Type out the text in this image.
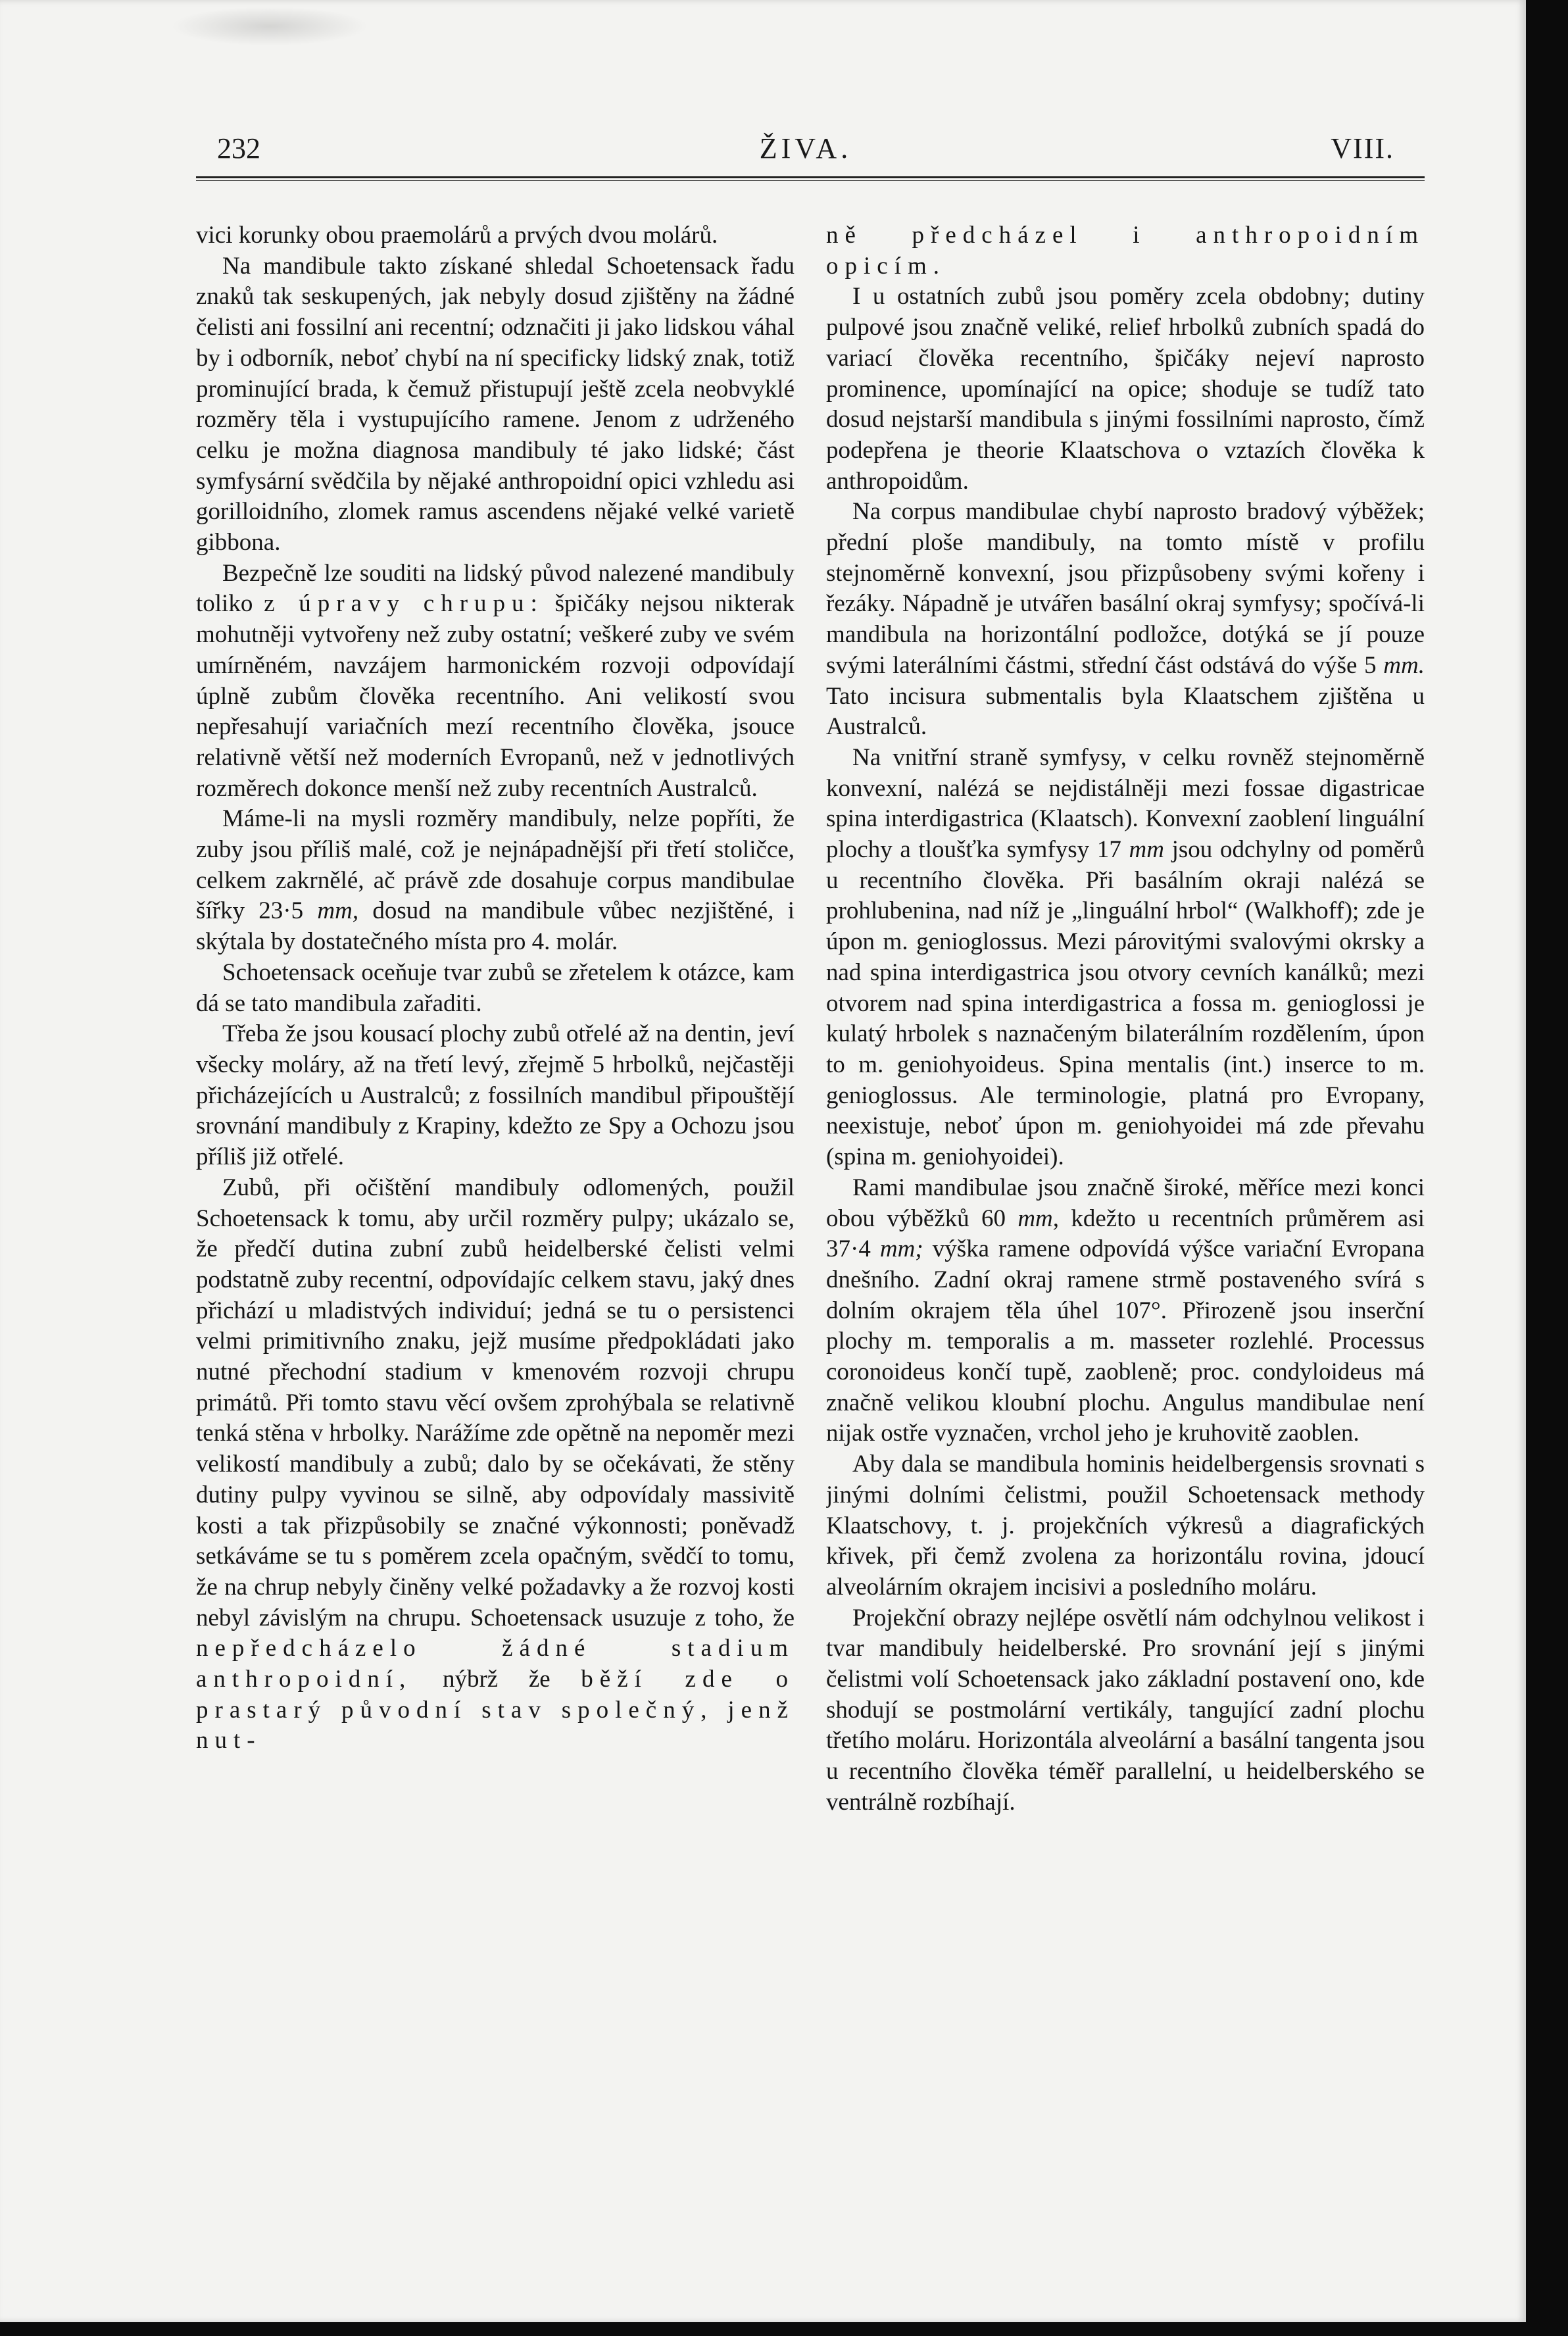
232	ŽIVA.	VIII.

vici korunky obou praemolárů a prvých dvou molárů.

Na mandibule takto získané shledal Schoetensack řadu znaků tak seskupených, jak nebyly dosud zjištěny na žádné čelisti ani fossilní ani recentní; odznačiti ji jako lidskou váhal by i odborník, neboť chybí na ní specificky lidský znak, totiž prominující brada, k čemuž přistupují ještě zcela neobvyklé rozměry těla i vystupujícího ramene. Jenom z udrženého celku je možna diagnosa mandibuly té jako lidské; část symfysární svědčila by nějaké anthropoidní opici vzhledu asi gorilloidního, zlomek ramus ascendens nějaké velké varietě gibbona.

Bezpečně lze souditi na lidský původ nalezené mandibuly toliko z úpravy chrupu: špičáky nejsou nikterak mohutněji vytvořeny než zuby ostatní; veškeré zuby ve svém umírněném, navzájem harmonickém rozvoji odpovídají úplně zubům člověka recentního. Ani velikostí svou nepřesahují variačních mezí recentního člověka, jsouce relativně větší než moderních Evropanů, než v jednotlivých rozměrech dokonce menší než zuby recentních Australců.

Máme-li na mysli rozměry mandibuly, nelze popříti, že zuby jsou příliš malé, což je nejnápadnější při třetí stoličce, celkem zakrnělé, ač právě zde dosahuje corpus mandibulae šířky 23·5 mm, dosud na mandibule vůbec nezjištěné, i skýtala by dostatečného místa pro 4. molár.

Schoetensack oceňuje tvar zubů se zřetelem k otázce, kam dá se tato mandibula zařaditi.

Třeba že jsou kousací plochy zubů otřelé až na dentin, jeví všecky moláry, až na třetí levý, zřejmě 5 hrbolků, nejčastěji přicházejících u Australců; z fossilních mandibul připouštějí srovnání mandibuly z Krapiny, kdežto ze Spy a Ochozu jsou příliš již otřelé.

Zubů, při očištění mandibuly odlomených, použil Schoetensack k tomu, aby určil rozměry pulpy; ukázalo se, že předčí dutina zubní zubů heidelberské čelisti velmi podstatně zuby recentní, odpovídajíc celkem stavu, jaký dnes přichází u mladistvých individuí; jedná se tu o persistenci velmi primitivního znaku, jejž musíme předpokládati jako nutné přechodní stadium v kmenovém rozvoji chrupu primátů. Při tomto stavu věcí ovšem zprohýbala se relativně tenká stěna v hrbolky. Narážíme zde opětně na nepoměr mezi velikostí mandibuly a zubů; dalo by se očekávati, že stěny dutiny pulpy vyvinou se silně, aby odpovídaly massivitě kosti a tak přizpůsobily se značné výkonnosti; poněvadž setkáváme se tu s poměrem zcela opačným, svědčí to tomu, že na chrup nebyly činěny velké požadavky a že rozvoj kosti nebyl závislým na chrupu. Schoetensack usuzuje z toho, že nepředcházelo žádné stadium anthropoidní, nýbrž že běží zde o prastarý původní stav společný, jenž nut-

ně předcházel i anthropoidním opicím.

I u ostatních zubů jsou poměry zcela obdobny; dutiny pulpové jsou značně veliké, relief hrbolků zubních spadá do variací člověka recentního, špičáky nejeví naprosto prominence, upomínající na opice; shoduje se tudíž tato dosud nejstarší mandibula s jinými fossilními naprosto, čímž podepřena je theorie Klaatschova o vztazích člověka k anthropoidům.

Na corpus mandibulae chybí naprosto bradový výběžek; přední ploše mandibuly, na tomto místě v profilu stejnoměrně konvexní, jsou přizpůsobeny svými kořeny i řezáky. Nápadně je utvářen basální okraj symfysy; spočívá-li mandibula na horizontální podložce, dotýká se jí pouze svými laterálními částmi, střední část odstává do výše 5 mm. Tato incisura submentalis byla Klaatschem zjištěna u Australců.

Na vnitřní straně symfysy, v celku rovněž stejnoměrně konvexní, nalézá se nejdistálněji mezi fossae digastricae spina interdigastrica (Klaatsch). Konvexní zaoblení linguální plochy a tloušťka symfysy 17 mm jsou odchylny od poměrů u recentního člověka. Při basálním okraji nalézá se prohlubenina, nad níž je „linguální hrbol“ (Walkhoff); zde je úpon m. genioglossus. Mezi párovitými svalovými okrsky a nad spina interdigastrica jsou otvory cevních kanálků; mezi otvorem nad spina interdigastrica a fossa m. genioglossi je kulatý hrbolek s naznačeným bilaterálním rozdělením, úpon to m. geniohyoideus. Spina mentalis (int.) inserce to m. genioglossus. Ale terminologie, platná pro Evropany, neexistuje, neboť úpon m. geniohyoidei má zde převahu (spina m. geniohyoidei).

Rami mandibulae jsou značně široké, měříce mezi konci obou výběžků 60 mm, kdežto u recentních průměrem asi 37·4 mm; výška ramene odpovídá výšce variační Evropana dnešního. Zadní okraj ramene strmě postaveného svírá s dolním okrajem těla úhel 107°. Přirozeně jsou inserční plochy m. temporalis a m. masseter rozlehlé. Processus coronoideus končí tupě, zaobleně; proc. condyloideus má značně velikou kloubní plochu. Angulus mandibulae není nijak ostře vyznačen, vrchol jeho je kruhovitě zaoblen.

Aby dala se mandibula hominis heidelbergensis srovnati s jinými dolními čelistmi, použil Schoetensack methody Klaatschovy, t. j. projekčních výkresů a diagrafických křivek, při čemž zvolena za horizontálu rovina, jdoucí alveolárním okrajem incisivi a posledního moláru.

Projekční obrazy nejlépe osvětlí nám odchylnou velikost i tvar mandibuly heidelberské. Pro srovnání její s jinými čelistmi volí Schoetensack jako základní postavení ono, kde shodují se postmolární vertikály, tangující zadní plochu třetího moláru. Horizontála alveolární a basální tangenta jsou u recentního člověka téměř parallelní, u heidelberského se ventrálně rozbíhají.
